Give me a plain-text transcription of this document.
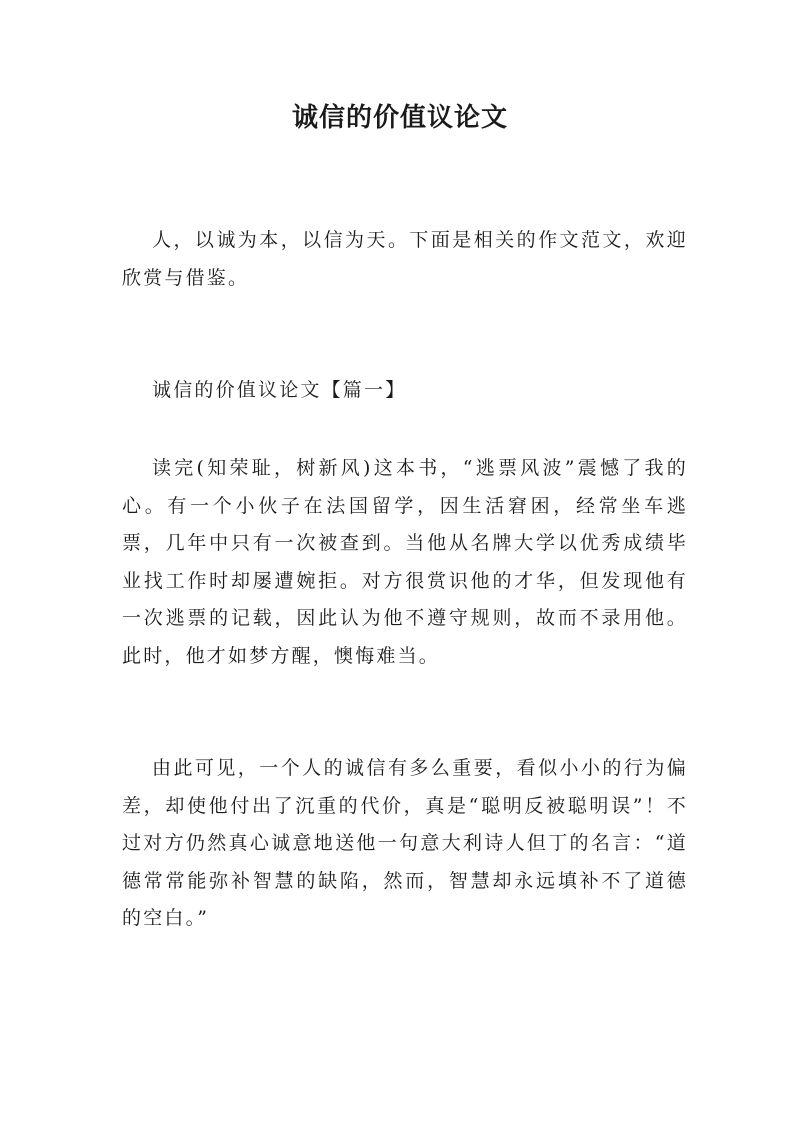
诚信的价值议论文

人，以诚为本，以信为天。下面是相关的作文范文，欢迎欣赏与借鉴。

诚信的价值议论文【篇一】

读完(知荣耻，树新风)这本书，“逃票风波”震憾了我的心。有一个小伙子在法国留学，因生活窘困，经常坐车逃票，几年中只有一次被查到。当他从名牌大学以优秀成绩毕业找工作时却屡遭婉拒。对方很赏识他的才华，但发现他有一次逃票的记载，因此认为他不遵守规则，故而不录用他。此时，他才如梦方醒，懊悔难当。

由此可见，一个人的诚信有多么重要，看似小小的行为偏差，却使他付出了沉重的代价，真是“聪明反被聪明误”！不过对方仍然真心诚意地送他一句意大利诗人但丁的名言：“道德常常能弥补智慧的缺陷，然而，智慧却永远填补不了道德的空白。”
